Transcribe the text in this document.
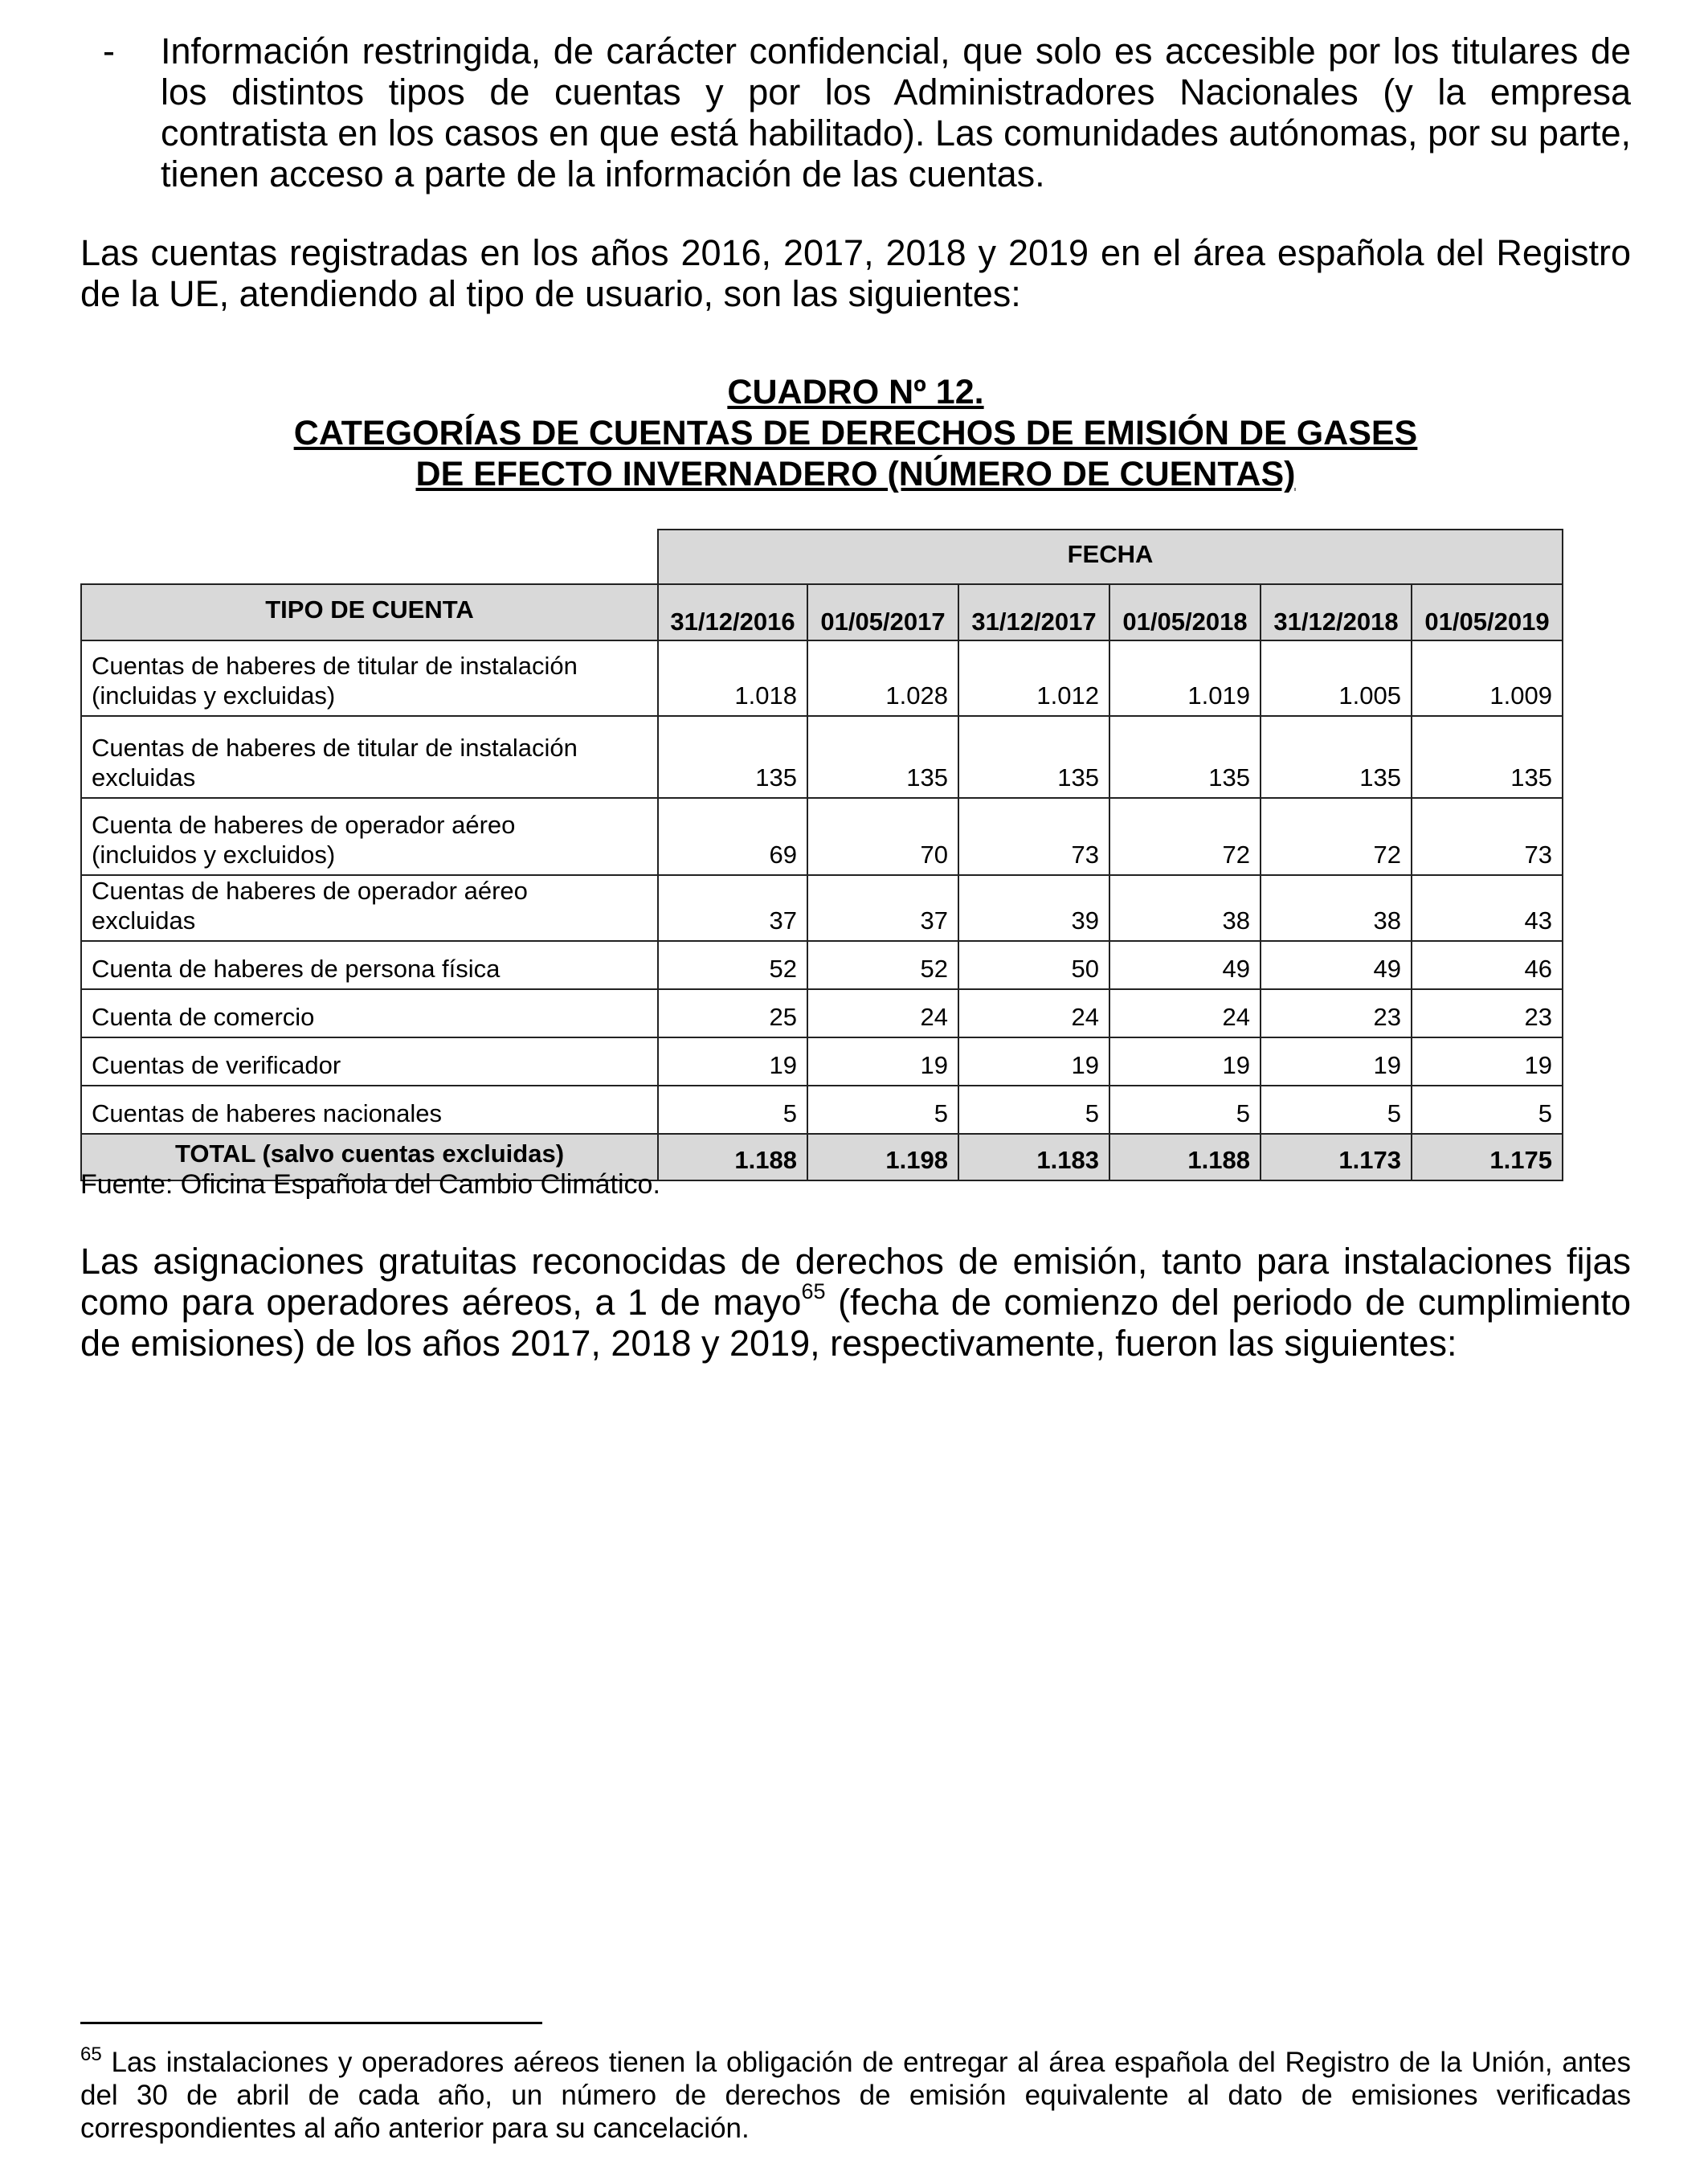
- Información restringida, de carácter confidencial, que solo es accesible por los titulares de los distintos tipos de cuentas y por los Administradores Nacionales (y la empresa contratista en los casos en que está habilitado). Las comunidades autónomas, por su parte, tienen acceso a parte de la información de las cuentas.
Las cuentas registradas en los años 2016, 2017, 2018 y 2019 en el área española del Registro de la UE, atendiendo al tipo de usuario, son las siguientes:
CUADRO Nº 12.
CATEGORÍAS DE CUENTAS DE DERECHOS DE EMISIÓN DE GASES
DE EFECTO INVERNADERO (NÚMERO DE CUENTAS)
	FECHA					
TIPO DE CUENTA	31/12/2016	01/05/2017	31/12/2017	01/05/2018	31/12/2018	01/05/2019

Cuentas de haberes de titular de instalación
(incluidas y excluidas)	1.018	1.028	1.012	1.019	1.005	1.009

Cuentas de haberes de titular de instalación
excluidas	135	135	135	135	135	135

Cuenta de haberes de operador aéreo
(incluidos y excluidos)	69	70	73	72	72	73

Cuentas de haberes de operador aéreo
excluidas	37	37	39	38	38	43
Cuenta de haberes de persona física	52	52	50	49	49	46
Cuenta de comercio	25	24	24	24	23	23
Cuentas de verificador	19	19	19	19	19	19
Cuentas de haberes nacionales	5	5	5	5	5	5
TOTAL (salvo cuentas excluidas)	1.188	1.198	1.183	1.188	1.173	1.175
Fuente: Oficina Española del Cambio Climático.
Las asignaciones gratuitas reconocidas de derechos de emisión, tanto para instalaciones fijas como para operadores aéreos, a 1 de mayo$^{65}$ (fecha de comienzo del periodo de cumplimiento de emisiones) de los años 2017, 2018 y 2019, respectivamente, fueron las siguientes:
$^{65}$ Las instalaciones y operadores aéreos tienen la obligación de entregar al área española del Registro de la Unión, antes del 30 de abril de cada año, un número de derechos de emisión equivalente al dato de emisiones verificadas correspondientes al año anterior para su cancelación.
